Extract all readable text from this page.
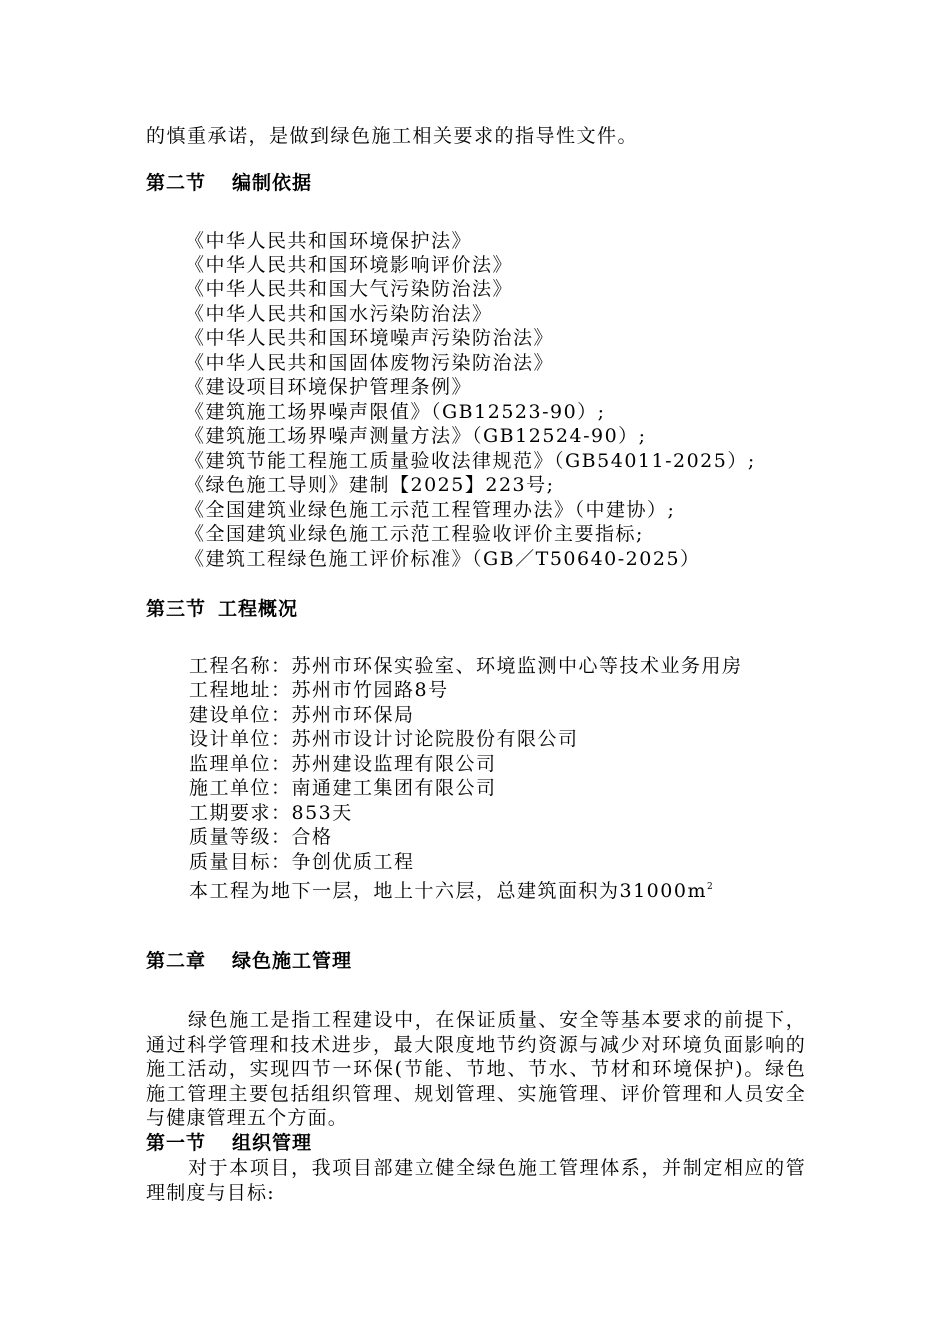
的慎重承诺，是做到绿色施工相关要求的指导性文件。
第二节 编制依据
《中华人民共和国环境保护法》
《中华人民共和国环境影响评价法》
《中华人民共和国大气污染防治法》
《中华人民共和国水污染防治法》
《中华人民共和国环境噪声污染防治法》
《中华人民共和国固体废物污染防治法》
《建设项目环境保护管理条例》
《建筑施工场界噪声限值》（GB12523-90）;
《建筑施工场界噪声测量方法》（GB12524-90）;
《建筑节能工程施工质量验收法律规范》（GB54011-2025）;
《绿色施工导则》建制【2025】223号;
《全国建筑业绿色施工示范工程管理办法》（中建协）;
《全国建筑业绿色施工示范工程验收评价主要指标;
《建筑工程绿色施工评价标准》（GB／T50640-2025）
第三节 工程概况
工程名称：苏州市环保实验室、环境监测中心等技术业务用房
工程地址：苏州市竹园路8号
建设单位：苏州市环保局
设计单位：苏州市设计讨论院股份有限公司
监理单位：苏州建设监理有限公司
施工单位：南通建工集团有限公司
工期要求：853天
质量等级：合格
质量目标：争创优质工程
本工程为地下一层，地上十六层，总建筑面积为$31000m^2$
第二章 绿色施工管理
绿色施工是指工程建设中，在保证质量、安全等基本要求的前提下，通过科学管理和技术进步，最大限度地节约资源与减少对环境负面影响的施工活动，实现四节一环保(节能、节地、节水、节材和环境保护)。绿色施工管理主要包括组织管理、规划管理、实施管理、评价管理和人员安全与健康管理五个方面。
第一节 组织管理
对于本项目，我项目部建立健全绿色施工管理体系，并制定相应的管理制度与目标:
